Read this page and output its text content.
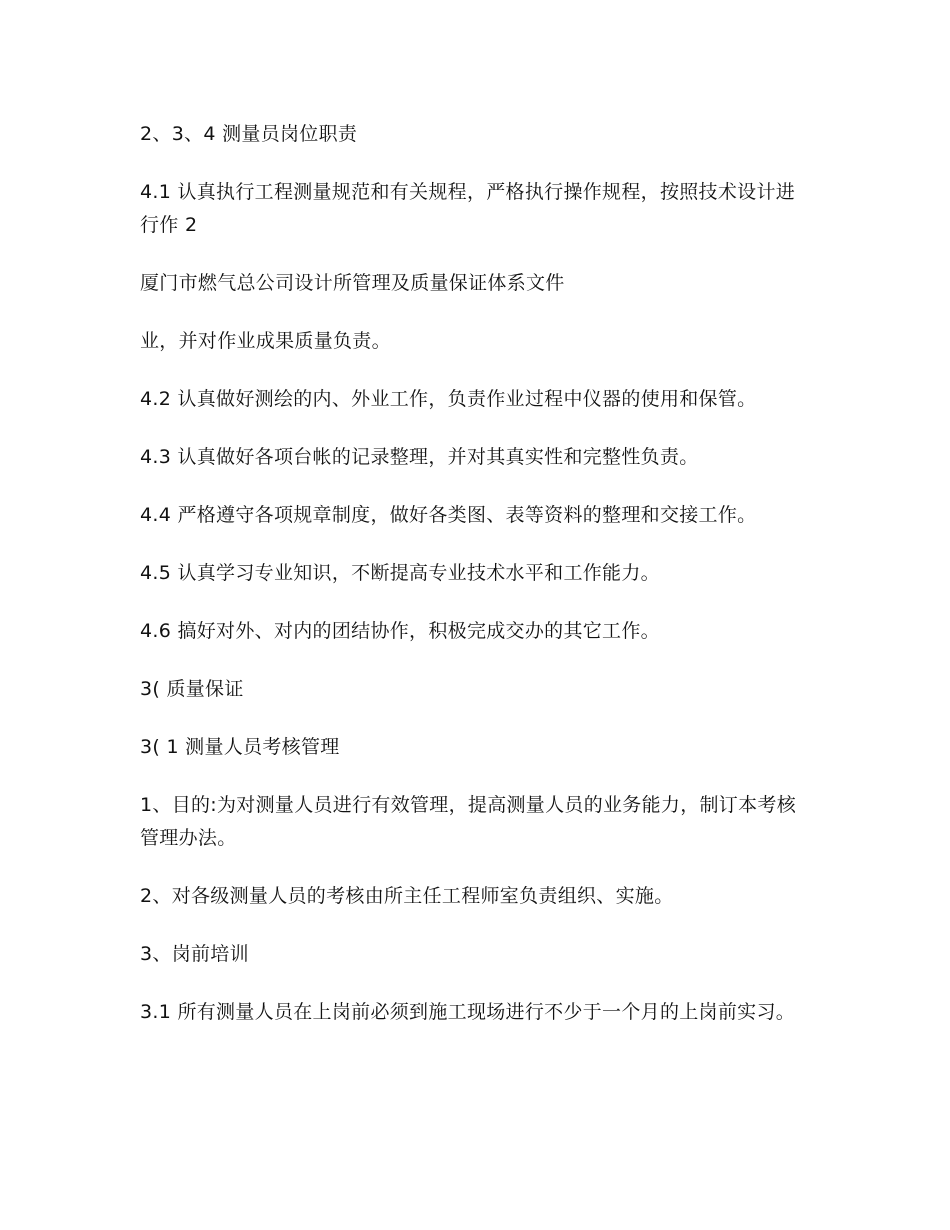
2、3、4 测量员岗位职责

4.1 认真执行工程测量规范和有关规程，严格执行操作规程，按照技术设计进 行作 2

厦门市燃气总公司设计所管理及质量保证体系文件

业，并对作业成果质量负责。

4.2 认真做好测绘的内、外业工作，负责作业过程中仪器的使用和保管。

4.3 认真做好各项台帐的记录整理，并对其真实性和完整性负责。

4.4 严格遵守各项规章制度，做好各类图、表等资料的整理和交接工作。

4.5 认真学习专业知识，不断提高专业技术水平和工作能力。

4.6 搞好对外、对内的团结协作，积极完成交办的其它工作。

3( 质量保证

3( 1 测量人员考核管理

1、目的:为对测量人员进行有效管理，提高测量人员的业务能力，制订本考核管理办法。

2、对各级测量人员的考核由所主任工程师室负责组织、实施。

3、岗前培训

3.1 所有测量人员在上岗前必须到施工现场进行不少于一个月的上岗前实习。
